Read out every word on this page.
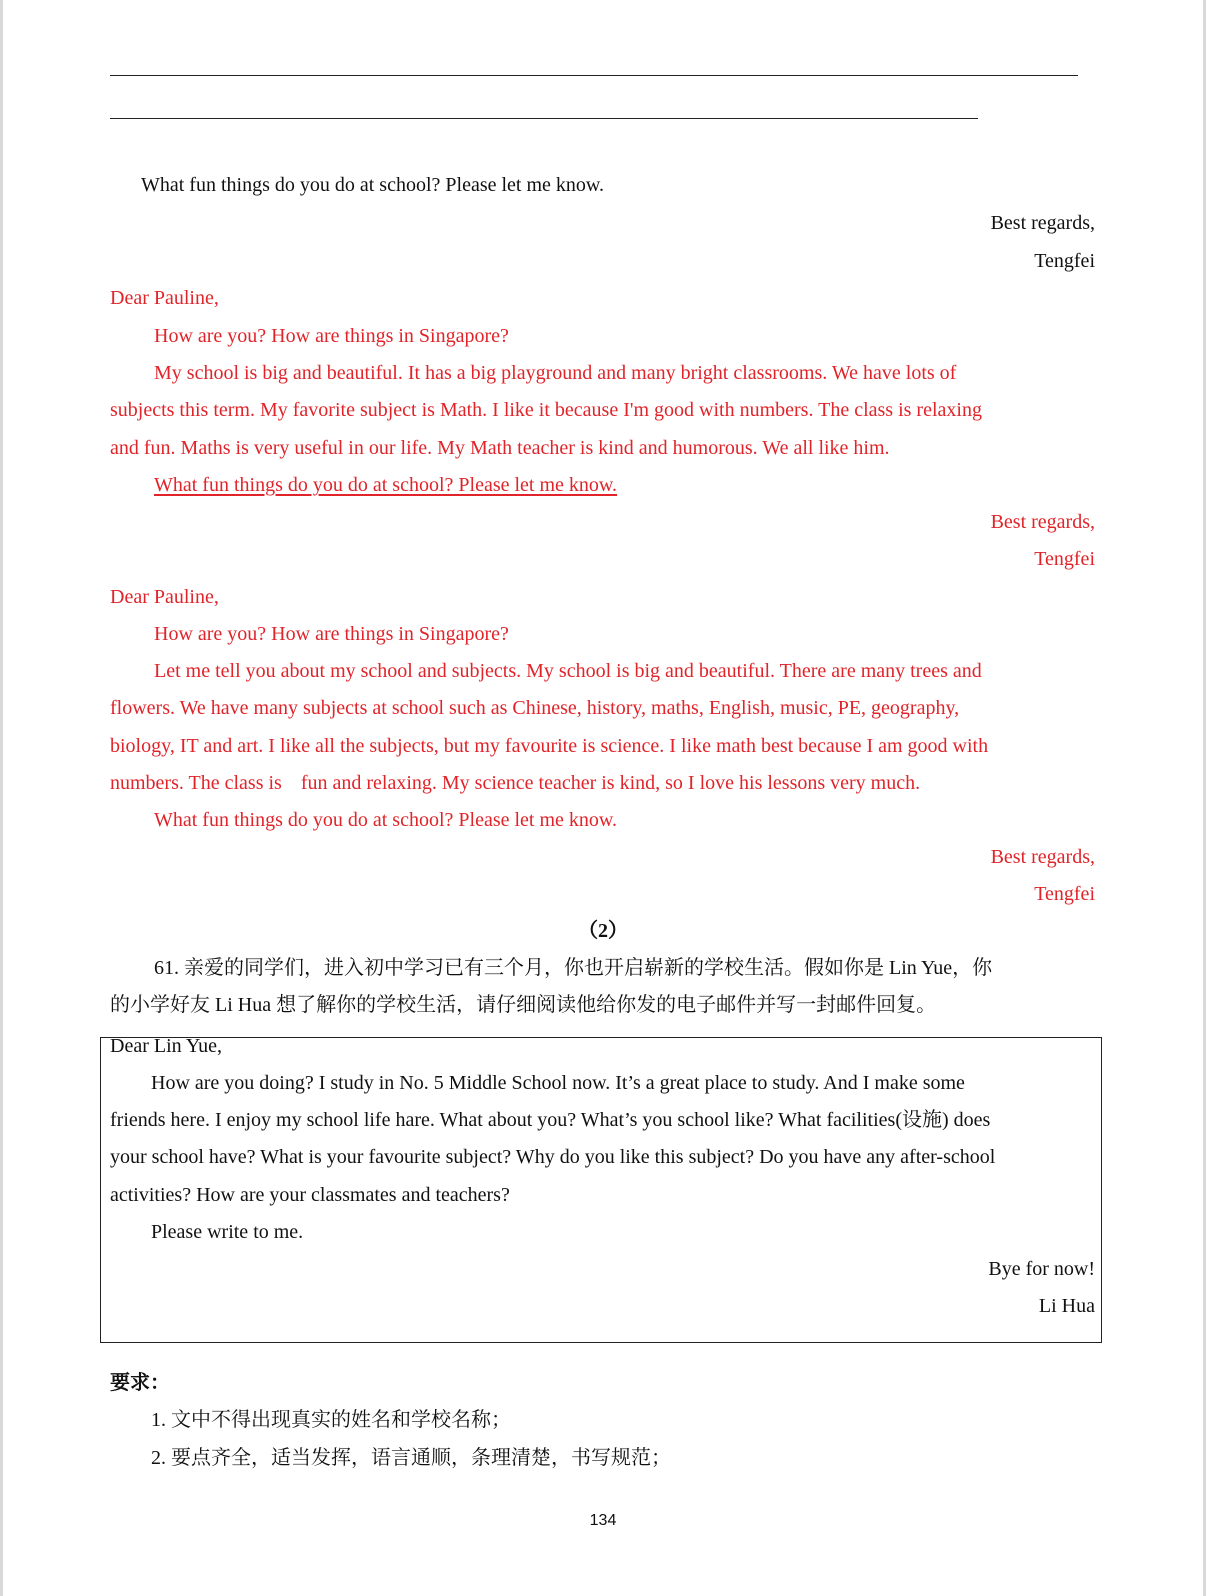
What fun things do you do at school? Please let me know.
Best regards,
Tengfei
Dear Pauline,
How are you? How are things in Singapore?
My school is big and beautiful. It has a big playground and many bright classrooms. We have lots of
subjects this term. My favorite subject is Math. I like it because I'm good with numbers. The class is relaxing
and fun. Maths is very useful in our life. My Math teacher is kind and humorous. We all like him.
What fun things do you do at school? Please let me know.
Best regards,
Tengfei
Dear Pauline,
How are you? How are things in Singapore?
Let me tell you about my school and subjects. My school is big and beautiful. There are many trees and
flowers. We have many subjects at school such as Chinese, history, maths, English, music, PE, geography,
biology, IT and art. I like all the subjects, but my favourite is science. I like math best because I am good with
numbers. The class is fun and relaxing. My science teacher is kind, so I love his lessons very much.
What fun things do you do at school? Please let me know.
Best regards,
Tengfei
（2）
61. 亲爱的同学们，进入初中学习已有三个月，你也开启崭新的学校生活。假如你是 Lin Yue，你
的小学好友 Li Hua 想了解你的学校生活，请仔细阅读他给你发的电子邮件并写一封邮件回复。
Dear Lin Yue,
How are you doing? I study in No. 5 Middle School now. It’s a great place to study. And I make some
friends here. I enjoy my school life hare. What about you? What’s you school like? What facilities(设施) does
your school have? What is your favourite subject? Why do you like this subject? Do you have any after-school
activities? How are your classmates and teachers?
Please write to me.
Bye for now!
Li Hua
要求：
1. 文中不得出现真实的姓名和学校名称；
2. 要点齐全，适当发挥，语言通顺，条理清楚，书写规范；
134
